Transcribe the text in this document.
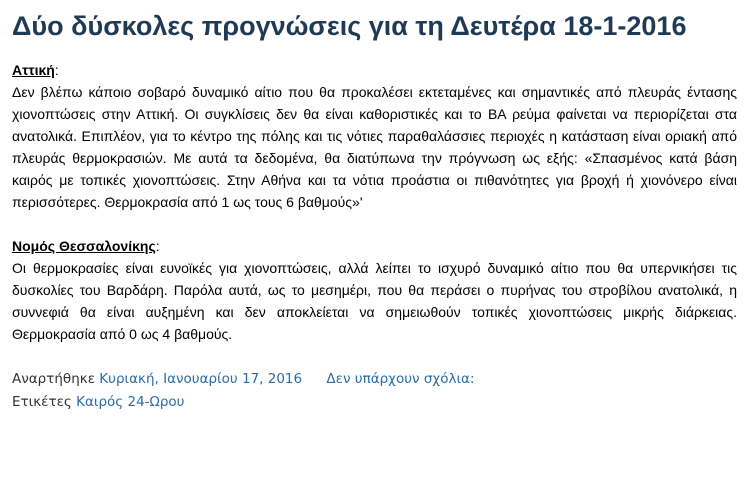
Δύο δύσκολες προγνώσεις για τη Δευτέρα 18-1-2016

Αττική:
Δεν βλέπω κάποιο σοβαρό δυναμικό αίτιο που θα προκαλέσει εκτεταμένες και σημαντικές από πλευράς έντασης χιονοπτώσεις στην Αττική. Οι συγκλίσεις δεν θα είναι καθοριστικές και το ΒΑ ρεύμα φαίνεται να περιορίζεται στα ανατολικά. Επιπλέον, για το κέντρο της πόλης και τις νότιες παραθαλάσσιες περιοχές η κατάσταση είναι οριακή από πλευράς θερμοκρασιών. Με αυτά τα δεδομένα, θα διατύπωνα την πρόγνωση ως εξής: «Σπασμένος κατά βάση καιρός με τοπικές χιονοπτώσεις. Στην Αθήνα και τα νότια προάστια οι πιθανότητες για βροχή ή χιονόνερο είναι περισσότερες. Θερμοκρασία από 1 ως τους 6 βαθμούς»'

Νομός Θεσσαλονίκης:
Οι θερμοκρασίες είναι ευνοϊκές για χιονοπτώσεις, αλλά λείπει το ισχυρό δυναμικό αίτιο που θα υπερνικήσει τις δυσκολίες του Βαρδάρη. Παρόλα αυτά, ως το μεσημέρι, που θα περάσει ο πυρήνας του στροβίλου ανατολικά, η συννεφιά θα είναι αυξημένη και δεν αποκλείεται να σημειωθούν τοπικές χιονοπτώσεις μικρής διάρκειας. Θερμοκρασία από 0 ως 4 βαθμούς.

Αναρτήθηκε Κυριακή, Ιανουαρίου 17, 2016 Δεν υπάρχουν σχόλια:
Ετικέτες Καιρός 24-Ωρου
